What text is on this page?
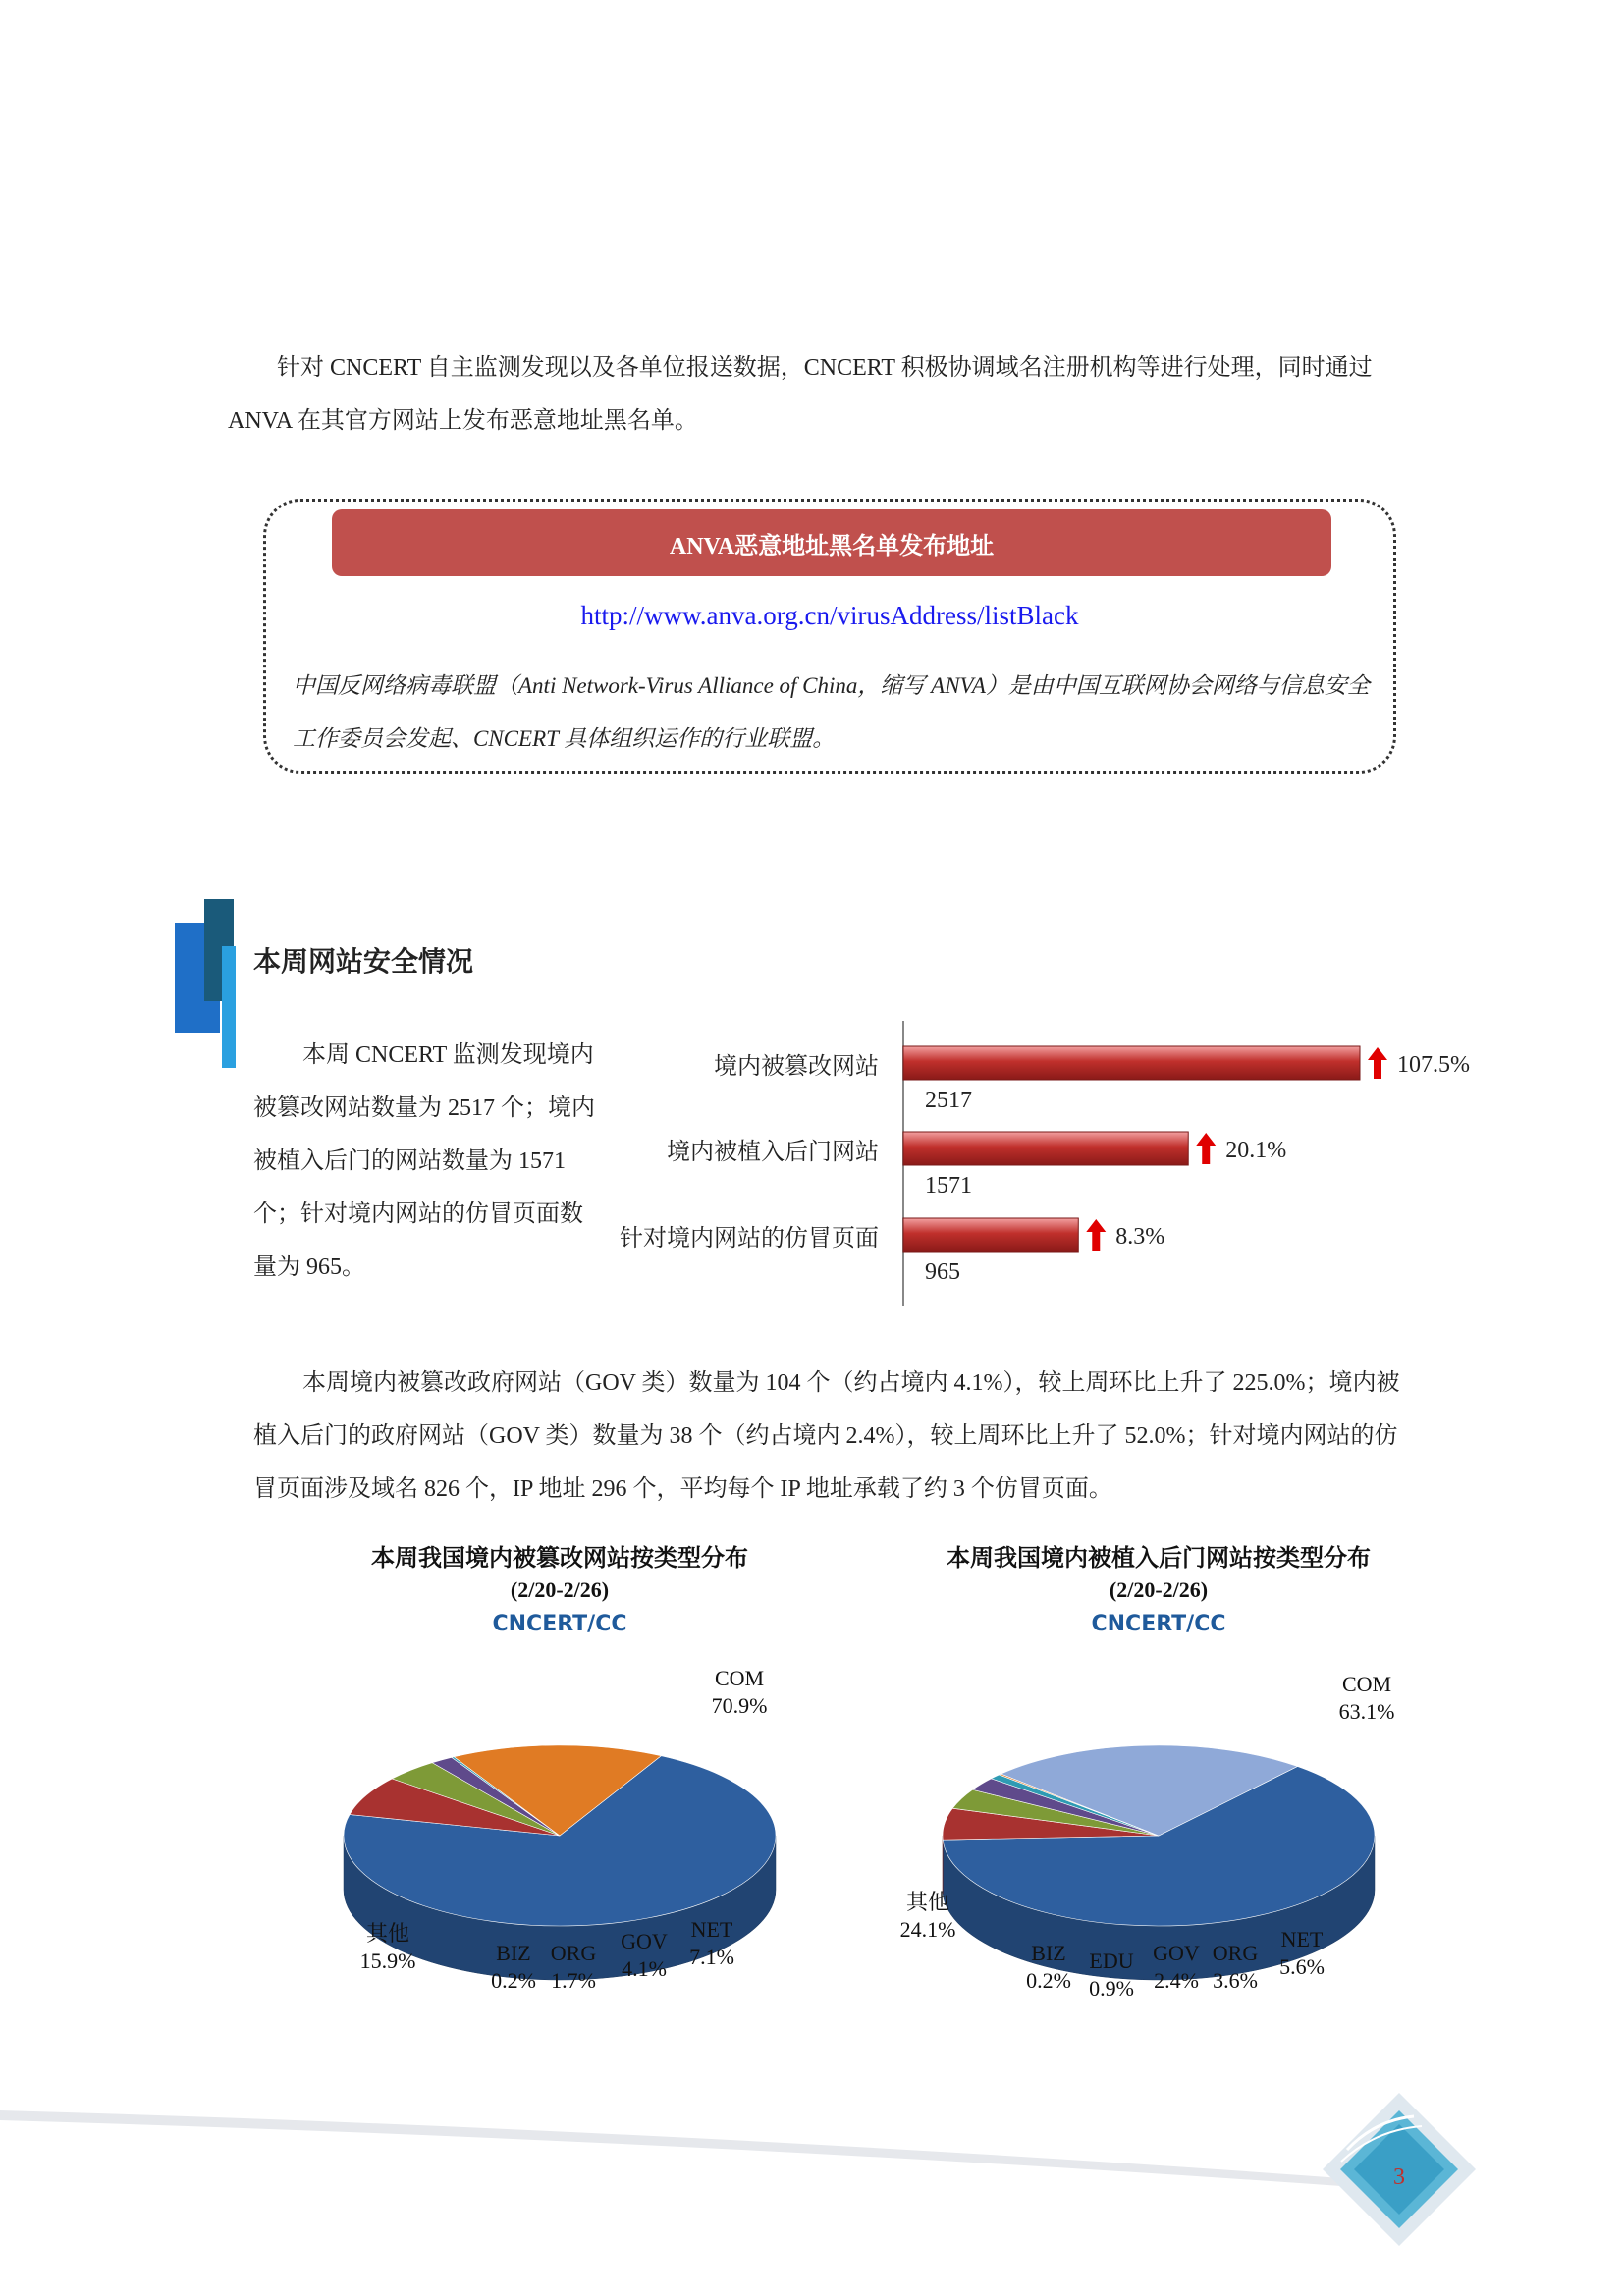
针对 CNCERT 自主监测发现以及各单位报送数据，CNCERT 积极协调域名注册机构等进行处理，同时通过 ANVA 在其官方网站上发布恶意地址黑名单。

ANVA恶意地址黑名单发布地址
http://www.anva.org.cn/virusAddress/listBlack
中国反网络病毒联盟（Anti Network-Virus Alliance of China，缩写 ANVA）是由中国互联网协会网络与信息安全工作委员会发起、CNCERT 具体组织运作的行业联盟。
本周网站安全情况

本周 CNCERT 监测发现境内被篡改网站数量为 2517 个；境内被植入后门的网站数量为 1571 个；针对境内网站的仿冒页面数量为 965。

境内被篡改网站
2517
107.5%
境内被植入后门网站
1571
20.1%
针对境内网站的仿冒页面
965
8.3%

本周境内被篡改政府网站（GOV 类）数量为 104 个（约占境内 4.1%），较上周环比上升了 225.0%；境内被植入后门的政府网站（GOV 类）数量为 38 个（约占境内 2.4%），较上周环比上升了 52.0%；针对境内网站的仿冒页面涉及域名 826 个，IP 地址 296 个，平均每个 IP 地址承载了约 3 个仿冒页面。

本周我国境内被篡改网站按类型分布
(2/20-2/26)
CNCERT/CC
COM
70.9%
NET
7.1%
GOV
4.1%
ORG
1.7%
BIZ
0.2%
其他
15.9%
本周我国境内被植入后门网站按类型分布
(2/20-2/26)
CNCERT/CC
COM
63.1%
NET
5.6%
ORG
3.6%
GOV
2.4%
EDU
0.9%
BIZ
0.2%
其他
24.1%
3
